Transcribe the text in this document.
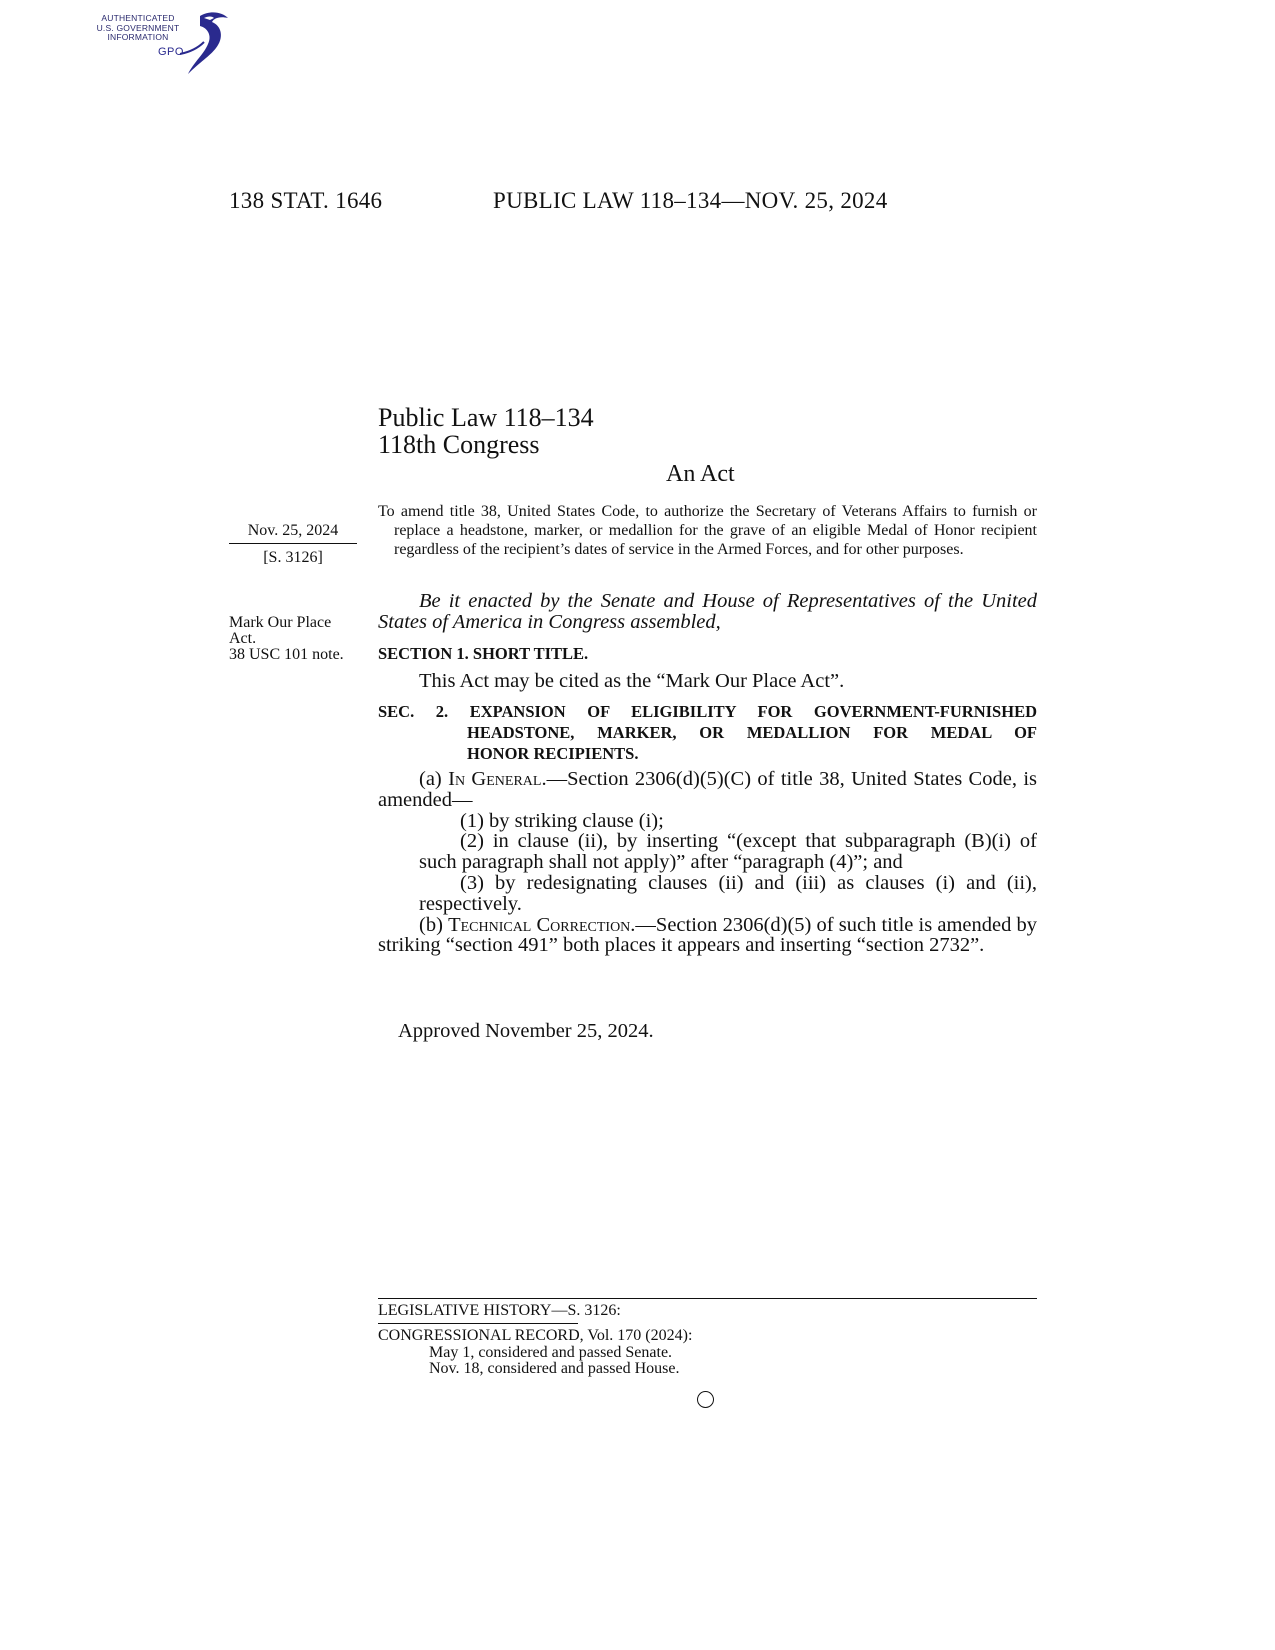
AUTHENTICATED
U.S. GOVERNMENT
INFORMATION
GPO
138 STAT. 1646	PUBLIC LAW 118–134—NOV. 25, 2024
Public Law 118–134
118th Congress
An Act
To amend title 38, United States Code, to authorize the Secretary of Veterans Affairs to furnish or replace a headstone, marker, or medallion for the grave of an eligible Medal of Honor recipient regardless of the recipient’s dates of service in the Armed Forces, and for other purposes.
Nov. 25, 2024
[S. 3126]
Mark Our Place
Act.
38 USC 101 note.
Be it enacted by the Senate and House of Representatives of the United States of America in Congress assembled,
SECTION 1. SHORT TITLE.
This Act may be cited as the “Mark Our Place Act”.
SEC. 2. EXPANSION OF ELIGIBILITY FOR GOVERNMENT-FURNISHED
HEADSTONE, MARKER, OR MEDALLION FOR MEDAL OF
HONOR RECIPIENTS.
(a) In General.—Section 2306(d)(5)(C) of title 38, United States Code, is amended—
(1) by striking clause (i);
(2) in clause (ii), by inserting “(except that subparagraph (B)(i) of such paragraph shall not apply)” after “paragraph (4)”; and
(3) by redesignating clauses (ii) and (iii) as clauses (i) and (ii), respectively.
(b) Technical Correction.—Section 2306(d)(5) of such title is amended by striking “section 491” both places it appears and inserting “section 2732”.
Approved November 25, 2024.
LEGISLATIVE HISTORY—S. 3126:
CONGRESSIONAL RECORD, Vol. 170 (2024):
May 1, considered and passed Senate.
Nov. 18, considered and passed House.
